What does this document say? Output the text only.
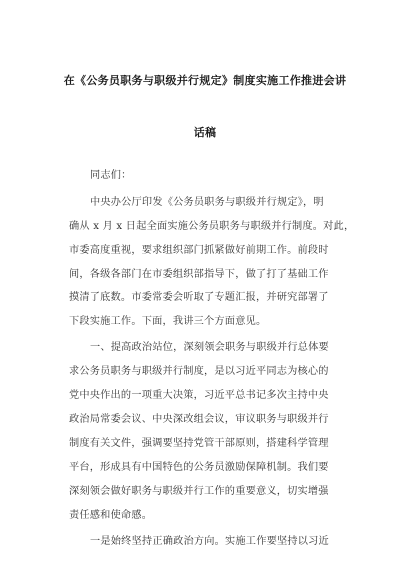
在《公务员职务与职级并行规定》制度实施工作推进会讲
话稿
同志们：
中央办公厅印发《公务员职务与职级并行规定》，明
确从 x 月 x 日起全面实施公务员职务与职级并行制度。对此，
市委高度重视，要求组织部门抓紧做好前期工作。前段时
间，各级各部门在市委组织部指导下，做了打了基础工作
摸清了底数。市委常委会听取了专题汇报，并研究部署了
下段实施工作。下面，我讲三个方面意见。
一、提高政治站位，深刻领会职务与职级并行总体要
求公务员职务与职级并行制度，是以习近平同志为核心的
党中央作出的一项重大决策，习近平总书记多次主持中央
政治局常委会议、中央深改组会议，审议职务与职级并行
制度有关文件，强调要坚持党管干部原则，搭建科学管理
平台，形成具有中国特色的公务员激励保障机制。我们要
深刻领会做好职务与职级并行工作的重要意义，切实增强
责任感和使命感。
一是始终坚持正确政治方向。实施工作要坚持以习近
